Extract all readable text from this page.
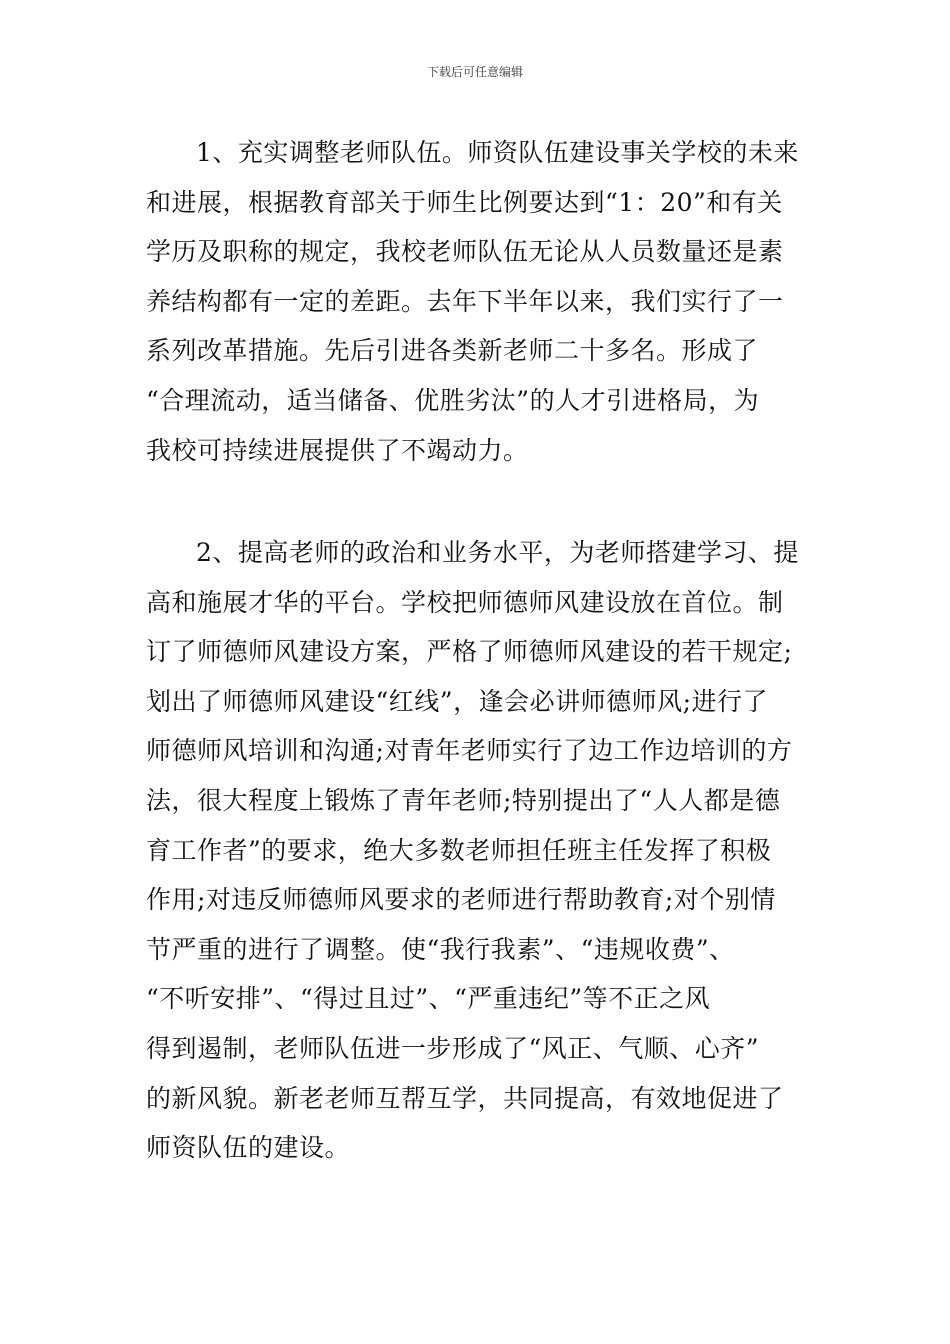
下载后可任意编辑
1、充实调整老师队伍。师资队伍建设事关学校的未来
和进展，根据教育部关于师生比例要达到“1：20”和有关
学历及职称的规定，我校老师队伍无论从人员数量还是素
养结构都有一定的差距。去年下半年以来，我们实行了一
系列改革措施。先后引进各类新老师二十多名。形成了
“合理流动，适当储备、优胜劣汰”的人才引进格局，为
我校可持续进展提供了不竭动力。
2、提高老师的政治和业务水平，为老师搭建学习、提
高和施展才华的平台。学校把师德师风建设放在首位。制
订了师德师风建设方案，严格了师德师风建设的若干规定;
划出了师德师风建设“红线”，逢会必讲师德师风;进行了
师德师风培训和沟通;对青年老师实行了边工作边培训的方
法，很大程度上锻炼了青年老师;特别提出了“人人都是德
育工作者”的要求，绝大多数老师担任班主任发挥了积极
作用;对违反师德师风要求的老师进行帮助教育;对个别情
节严重的进行了调整。使“我行我素”、“违规收费”、
“不听安排”、“得过且过”、“严重违纪”等不正之风
得到遏制，老师队伍进一步形成了“风正、气顺、心齐”
的新风貌。新老老师互帮互学，共同提高，有效地促进了
师资队伍的建设。
